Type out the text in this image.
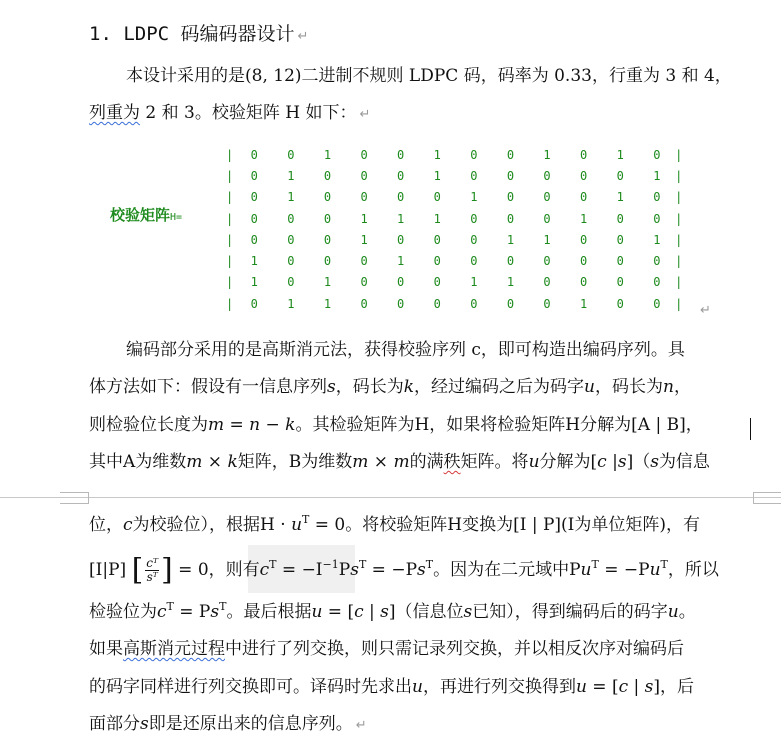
1. LDPC 码编码器设计 ↵
本设计采用的是(8, 12)二进制不规则 LDPC 码，码率为 0.33，行重为 3 和 4，
列重为 2 和 3。校验矩阵 H 如下： ↵
校验矩阵H=
|	0	0	1	0	0	1	0	0	1	0	1	0	|
|	0	1	0	0	0	1	0	0	0	0	0	1	|
|	0	1	0	0	0	0	1	0	0	0	1	0	|
|	0	0	0	1	1	1	0	0	0	1	0	0	|
|	0	0	0	1	0	0	0	1	1	0	0	1	|
|	1	0	0	0	1	0	0	0	0	0	0	0	|
|	1	0	1	0	0	0	1	1	0	0	0	0	|
|	0	1	1	0	0	0	0	0	0	1	0	0	| ↵
编码部分采用的是高斯消元法，获得校验序列 c，即可构造出编码序列。具
体方法如下：假设有一信息序列s，码长为k，经过编码之后为码字u，码长为n，
则检验位长度为m = n − k。其检验矩阵为H，如果将检验矩阵H分解为[A | B]，
其中A为维数m × k矩阵，B为维数m × m的满秩矩阵。将u分解为[c |s]（s为信息
位，c为校验位），根据$H \cdot u^T = 0$。将校验矩阵H变换为[I | P](I为单位矩阵)，有
[I|P] [ $\frac{\text{cᵀ}}{\text{sᵀ}}$ ] = 0，则有$c^T = -I^{-1}Ps^T = -Ps^T$。因为在二元域中$Pu^T = -Pu^T$，所以
检验位为$c^T = Ps^T$。最后根据u = [c | s]（信息位s已知），得到编码后的码字u。
如果高斯消元过程中进行了列交换，则只需记录列交换，并以相反次序对编码后
的码字同样进行列交换即可。译码时先求出u，再进行列交换得到u = [c | s]，后
面部分s即是还原出来的信息序列。 ↵
